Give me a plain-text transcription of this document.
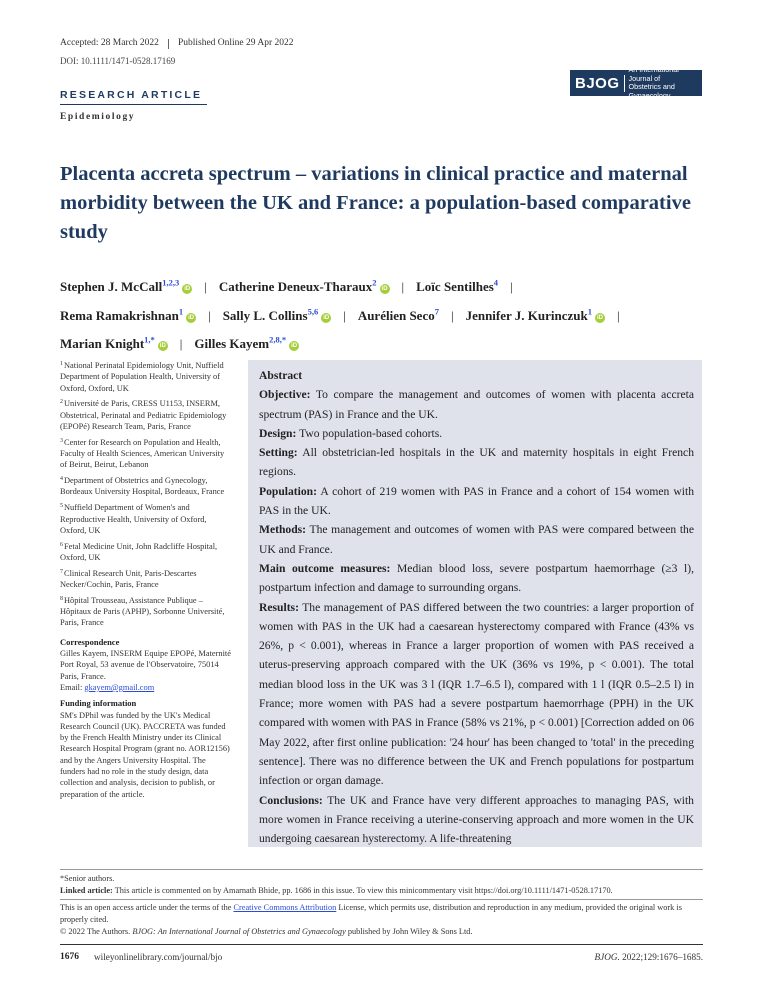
Accepted: 28 March 2022 Published Online 29 Apr 2022
DOI: 10.1111/1471-0528.17169
BJOG
An International Journal of
Obstetrics and Gynaecology
RESEARCH ARTICLE
Epidemiology
Placenta accreta spectrum – variations in clinical practice and maternal morbidity between the UK and France: a population-based comparative study
Stephen J. McCall$^{1,2,3}$iD | Catherine Deneux-Tharaux$^2$iD | Loïc Sentilhes$^4$ |
Rema Ramakrishnan$^1$iD | Sally L. Collins$^{5,6}$iD | Aurélien Seco$^7$ | Jennifer J. Kurinczuk$^1$iD |
Marian Knight$^{1,*}$iD | Gilles Kayem$^{2,8,*}$iD
$^1$National Perinatal Epidemiology Unit, Nuffield Department of Population Health, University of Oxford, Oxford, UK
$^2$Université de Paris, CRESS U1153, INSERM, Obstetrical, Perinatal and Pediatric Epidemiology (EPOPé) Research Team, Paris, France
$^3$Center for Research on Population and Health, Faculty of Health Sciences, American University of Beirut, Beirut, Lebanon
$^4$Department of Obstetrics and Gynecology, Bordeaux University Hospital, Bordeaux, France
$^5$Nuffield Department of Women's and Reproductive Health, University of Oxford, Oxford, UK
$^6$Fetal Medicine Unit, John Radcliffe Hospital, Oxford, UK
$^7$Clinical Research Unit, Paris-Descartes Necker/Cochin, Paris, France
$^8$Hôpital Trousseau, Assistance Publique –Hôpitaux de Paris (APHP), Sorbonne Université, Paris, France
Correspondence

Gilles Kayem, INSERM Equipe EPOPé, Maternité Port Royal, 53 avenue de l'Observatoire, 75014 Paris, France.
Email: gkayem@gmail.com

Funding information

SM's DPhil was funded by the UK's Medical Research Council (UK). PACCRETA was funded by the French Health Ministry under its Clinical Research Hospital Program (grant no. AOR12156) and by the Angers University Hospital. The funders had no role in the study design, data collection and analysis, decision to publish, or preparation of the article.

Abstract

Objective: To compare the management and outcomes of women with placenta accreta spectrum (PAS) in France and the UK.

Design: Two population-based cohorts.

Setting: All obstetrician-led hospitals in the UK and maternity hospitals in eight French regions.

Population: A cohort of 219 women with PAS in France and a cohort of 154 women with PAS in the UK.

Methods: The management and outcomes of women with PAS were compared between the UK and France.

Main outcome measures: Median blood loss, severe postpartum haemorrhage (≥3 l), postpartum infection and damage to surrounding organs.

Results: The management of PAS differed between the two countries: a larger proportion of women with PAS in the UK had a caesarean hysterectomy compared with France (43% vs 26%, p < 0.001), whereas in France a larger proportion of women with PAS received a uterus-preserving approach compared with the UK (36% vs 19%, p < 0.001). The total median blood loss in the UK was 3 l (IQR 1.7–6.5 l), compared with 1 l (IQR 0.5–2.5 l) in France; more women with PAS had a severe postpartum haemorrhage (PPH) in the UK compared with women with PAS in France (58% vs 21%, p < 0.001) [Correction added on 06 May 2022, after first online publication: '24 hour' has been changed to 'total' in the preceding sentence]. There was no difference between the UK and French populations for postpartum infection or organ damage.

Conclusions: The UK and France have very different approaches to managing PAS, with more women in France receiving a uterine-conserving approach and more women in the UK undergoing caesarean hysterectomy. A life-threatening

*Senior authors.

Linked article: This article is commented on by Amarnath Bhide, pp. 1686 in this issue. To view this minicommentary visit https://doi.org/10.1111/1471-0528.17170.

This is an open access article under the terms of the Creative Commons Attribution License, which permits use, distribution and reproduction in any medium, provided the original work is properly cited.

© 2022 The Authors. BJOG: An International Journal of Obstetrics and Gynaecology published by John Wiley & Sons Ltd.

1676 wileyonlinelibrary.com/journal/bjo	BJOG. 2022;129:1676–1685.
